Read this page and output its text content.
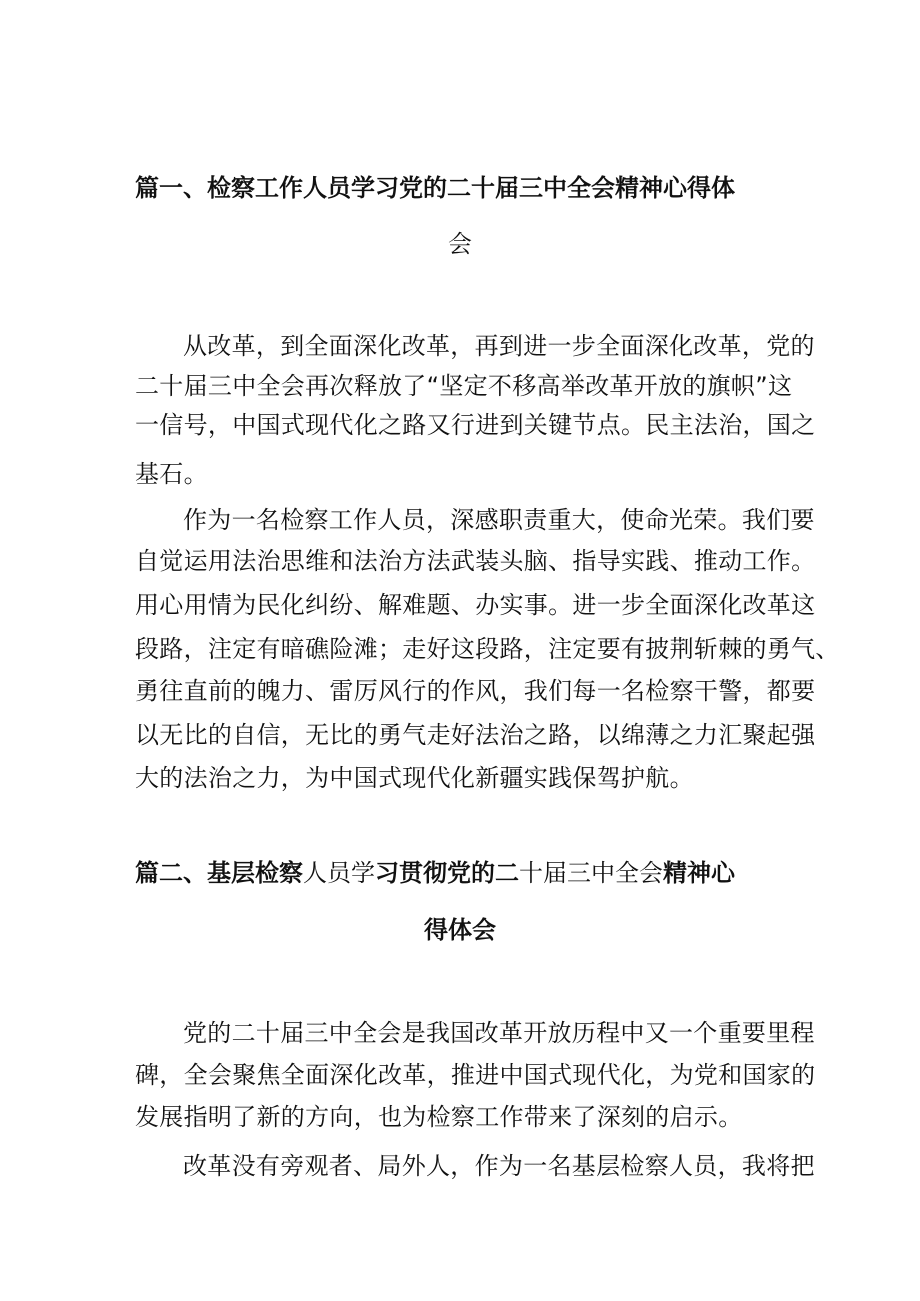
篇一、检察工作人员学习党的二十届三中全会精神心得体
会
从改革，到全面深化改革，再到进一步全面深化改革，党的
二十届三中全会再次释放了“坚定不移高举改革开放的旗帜”这
一信号，中国式现代化之路又行进到关键节点。民主法治，国之
基石。
作为一名检察工作人员，深感职责重大，使命光荣。我们要
自觉运用法治思维和法治方法武装头脑、指导实践、推动工作。
用心用情为民化纠纷、解难题、办实事。进一步全面深化改革这
段路，注定有暗礁险滩；走好这段路，注定要有披荆斩棘的勇气、
勇往直前的魄力、雷厉风行的作风，我们每一名检察干警，都要
以无比的自信，无比的勇气走好法治之路，以绵薄之力汇聚起强
大的法治之力，为中国式现代化新疆实践保驾护航。
篇二、基层检察人员学习贯彻党的二十届三中全会精神心
得体会
党的二十届三中全会是我国改革开放历程中又一个重要里程
碑，全会聚焦全面深化改革，推进中国式现代化，为党和国家的
发展指明了新的方向，也为检察工作带来了深刻的启示。
改革没有旁观者、局外人，作为一名基层检察人员，我将把
